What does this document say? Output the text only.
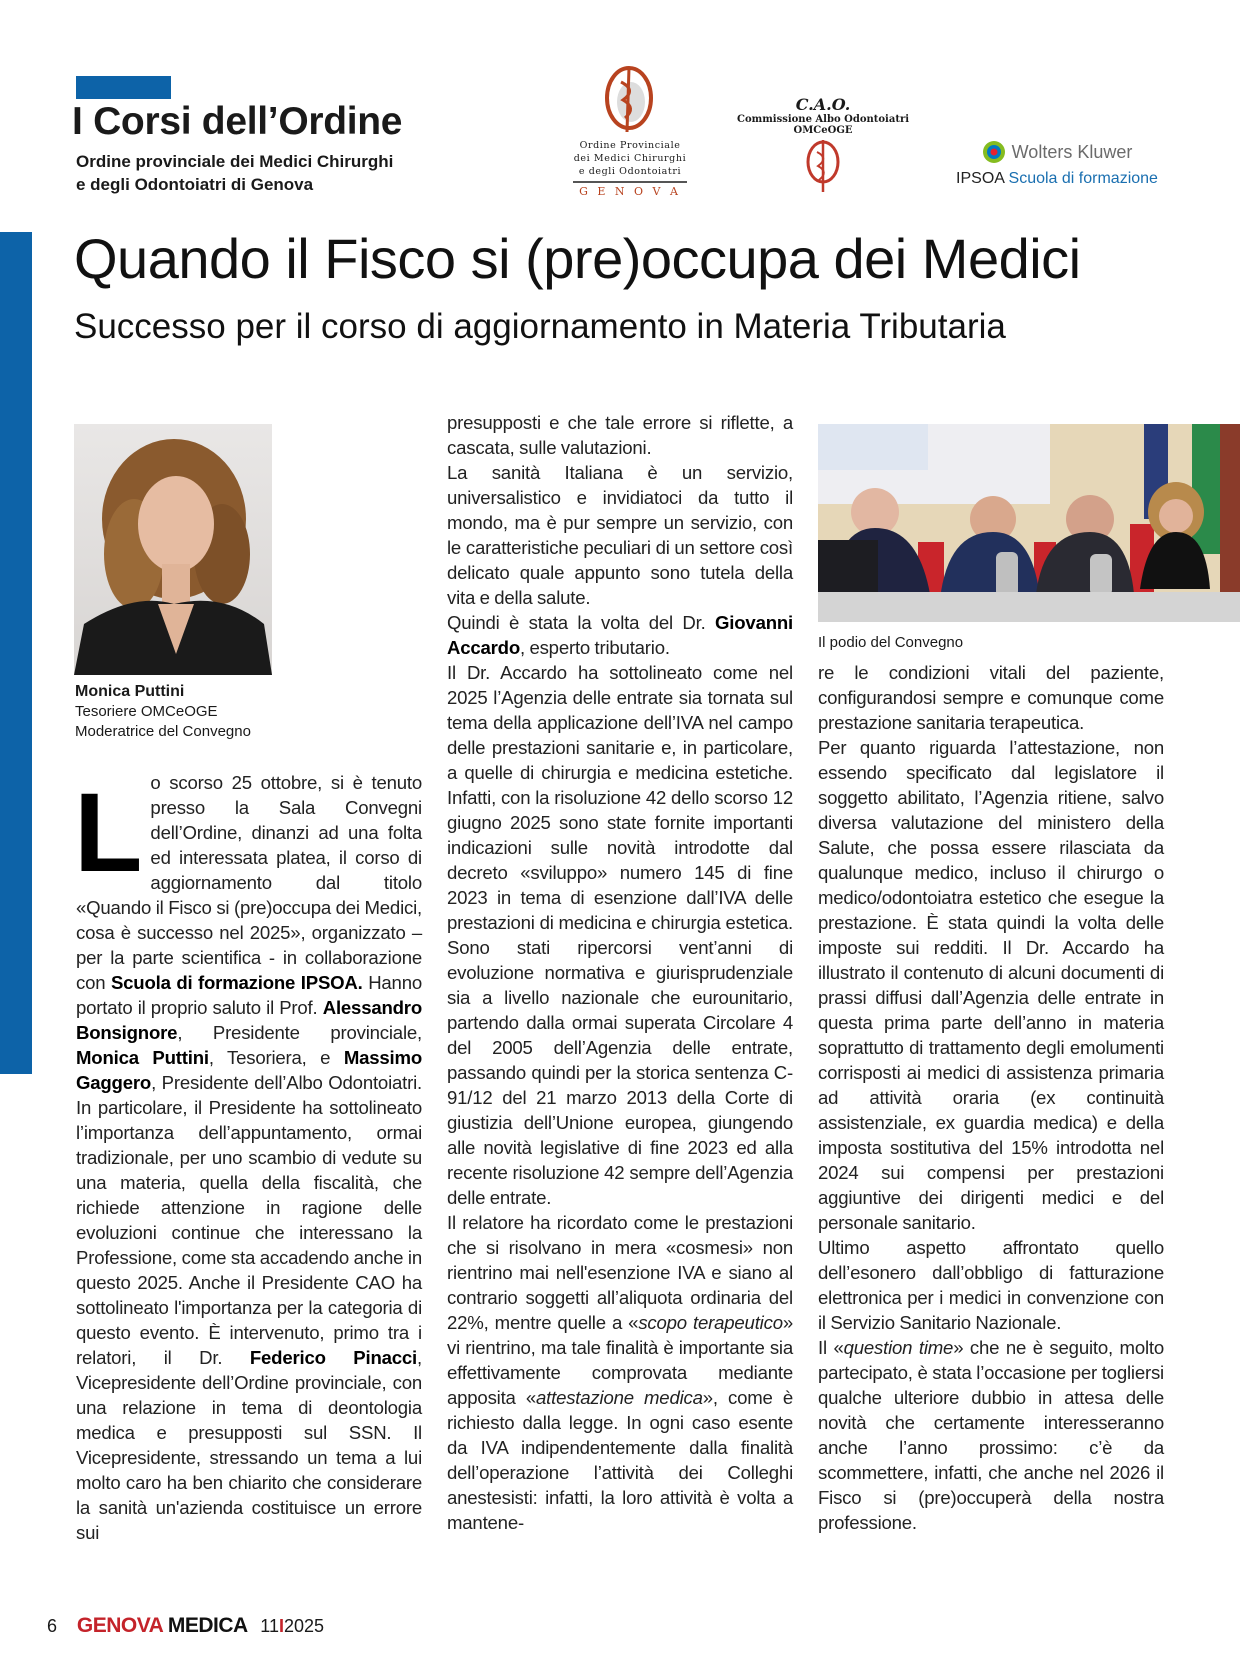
I Corsi dell’Ordine
Ordine provinciale dei Medici Chirurghi
e degli Odontoiatri di Genova
Ordine Provinciale
dei Medici Chirurghi
e degli Odontoiatri
G E N O V A
C.A.O.
Commissione Albo Odontoiatri
OMCeOGE
Wolters Kluwer
IPSOA Scuola di formazione
Quando il Fisco si (pre)occupa dei Medici
Successo per il corso di aggiornamento in Materia Tributaria
Monica Puttini
Tesoriere OMCeOGE
Moderatrice del Convegno
Il podio del Convegno

Lo scorso 25 ottobre, si è tenuto presso la Sala Convegni dell’Ordine, dinanzi ad una folta ed interessata platea, il corso di aggiornamento dal titolo «Quando il Fisco si (pre)occupa dei Medici, cosa è successo nel 2025», organizzato – per la parte scientifica - in collaborazione con Scuola di formazione IPSOA. Hanno portato il proprio saluto il Prof. Alessandro Bonsignore, Presidente provinciale, Monica Puttini, Tesoriera, e Massimo Gaggero, Presidente dell’Albo Odontoiatri. In particolare, il Presidente ha sottolineato l’importanza dell’appuntamento, ormai tradizionale, per uno scambio di vedute su una materia, quella della fiscalità, che richiede attenzione in ragione delle evoluzioni continue che interessano la Professione, come sta accadendo anche in questo 2025. Anche il Presidente CAO ha sottolineato l'importanza per la categoria di questo evento. È intervenuto, primo tra i relatori, il Dr. Federico Pinacci, Vicepresidente dell’Ordine provinciale, con una relazione in tema di deontologia medica e presupposti sul SSN. Il Vicepresidente, stressando un tema a lui molto caro ha ben chiarito che considerare la sanità un'azienda costituisce un errore sui

presupposti e che tale errore si riflette, a cascata, sulle valutazioni.

La sanità Italiana è un servizio, universalistico e invidiatoci da tutto il mondo, ma è pur sempre un servizio, con le caratteristiche peculiari di un settore così delicato quale appunto sono tutela della vita e della salute.

Quindi è stata la volta del Dr. Giovanni Accardo, esperto tributario.

Il Dr. Accardo ha sottolineato come nel 2025 l’Agenzia delle entrate sia tornata sul tema della applicazione dell’IVA nel campo delle prestazioni sanitarie e, in particolare, a quelle di chirurgia e medicina estetiche. Infatti, con la risoluzione 42 dello scorso 12 giugno 2025 sono state fornite importanti indicazioni sulle novità introdotte dal decreto «sviluppo» numero 145 di fine 2023 in tema di esenzione dall’IVA delle prestazioni di medicina e chirurgia estetica. Sono stati ripercorsi vent’anni di evoluzione normativa e giurisprudenziale sia a livello nazionale che eurounitario, partendo dalla ormai superata Circolare 4 del 2005 dell’Agenzia delle entrate, passando quindi per la storica sentenza C-91/12 del 21 marzo 2013 della Corte di giustizia dell’Unione europea, giungendo alle novità legislative di fine 2023 ed alla recente risoluzione 42 sempre dell’Agenzia delle entrate.

Il relatore ha ricordato come le prestazioni che si risolvano in mera «cosmesi» non rientrino mai nell'esenzione IVA e siano al contrario soggetti all’aliquota ordinaria del 22%, mentre quelle a «scopo terapeutico» vi rientrino, ma tale finalità è importante sia effettivamente comprovata mediante apposita «attestazione medica», come è richiesto dalla legge. In ogni caso esente da IVA indipendentemente dalla finalità dell’operazione l’attività dei Colleghi anestesisti: infatti, la loro attività è volta a mantene-

re le condizioni vitali del paziente, configurandosi sempre e comunque come prestazione sanitaria terapeutica.

Per quanto riguarda l’attestazione, non essendo specificato dal legislatore il soggetto abilitato, l’Agenzia ritiene, salvo diversa valutazione del ministero della Salute, che possa essere rilasciata da qualunque medico, incluso il chirurgo o medico/odontoiatra estetico che esegue la prestazione. È stata quindi la volta delle imposte sui redditi. Il Dr. Accardo ha illustrato il contenuto di alcuni documenti di prassi diffusi dall’Agenzia delle entrate in questa prima parte dell’anno in materia soprattutto di trattamento degli emolumenti corrisposti ai medici di assistenza primaria ad attività oraria (ex continuità assistenziale, ex guardia medica) e della imposta sostitutiva del 15% introdotta nel 2024 sui compensi per prestazioni aggiuntive dei dirigenti medici e del personale sanitario.

Ultimo aspetto affrontato quello dell’esonero dall’obbligo di fatturazione elettronica per i medici in convenzione con il Servizio Sanitario Nazionale.

Il «question time» che ne è seguito, molto partecipato, è stata l’occasione per togliersi qualche ulteriore dubbio in attesa delle novità che certamente interesseranno anche l’anno prossimo: c’è da scommettere, infatti, che anche nel 2026 il Fisco si (pre)occuperà della nostra professione.

6 GENOVA MEDICA 11I2025
